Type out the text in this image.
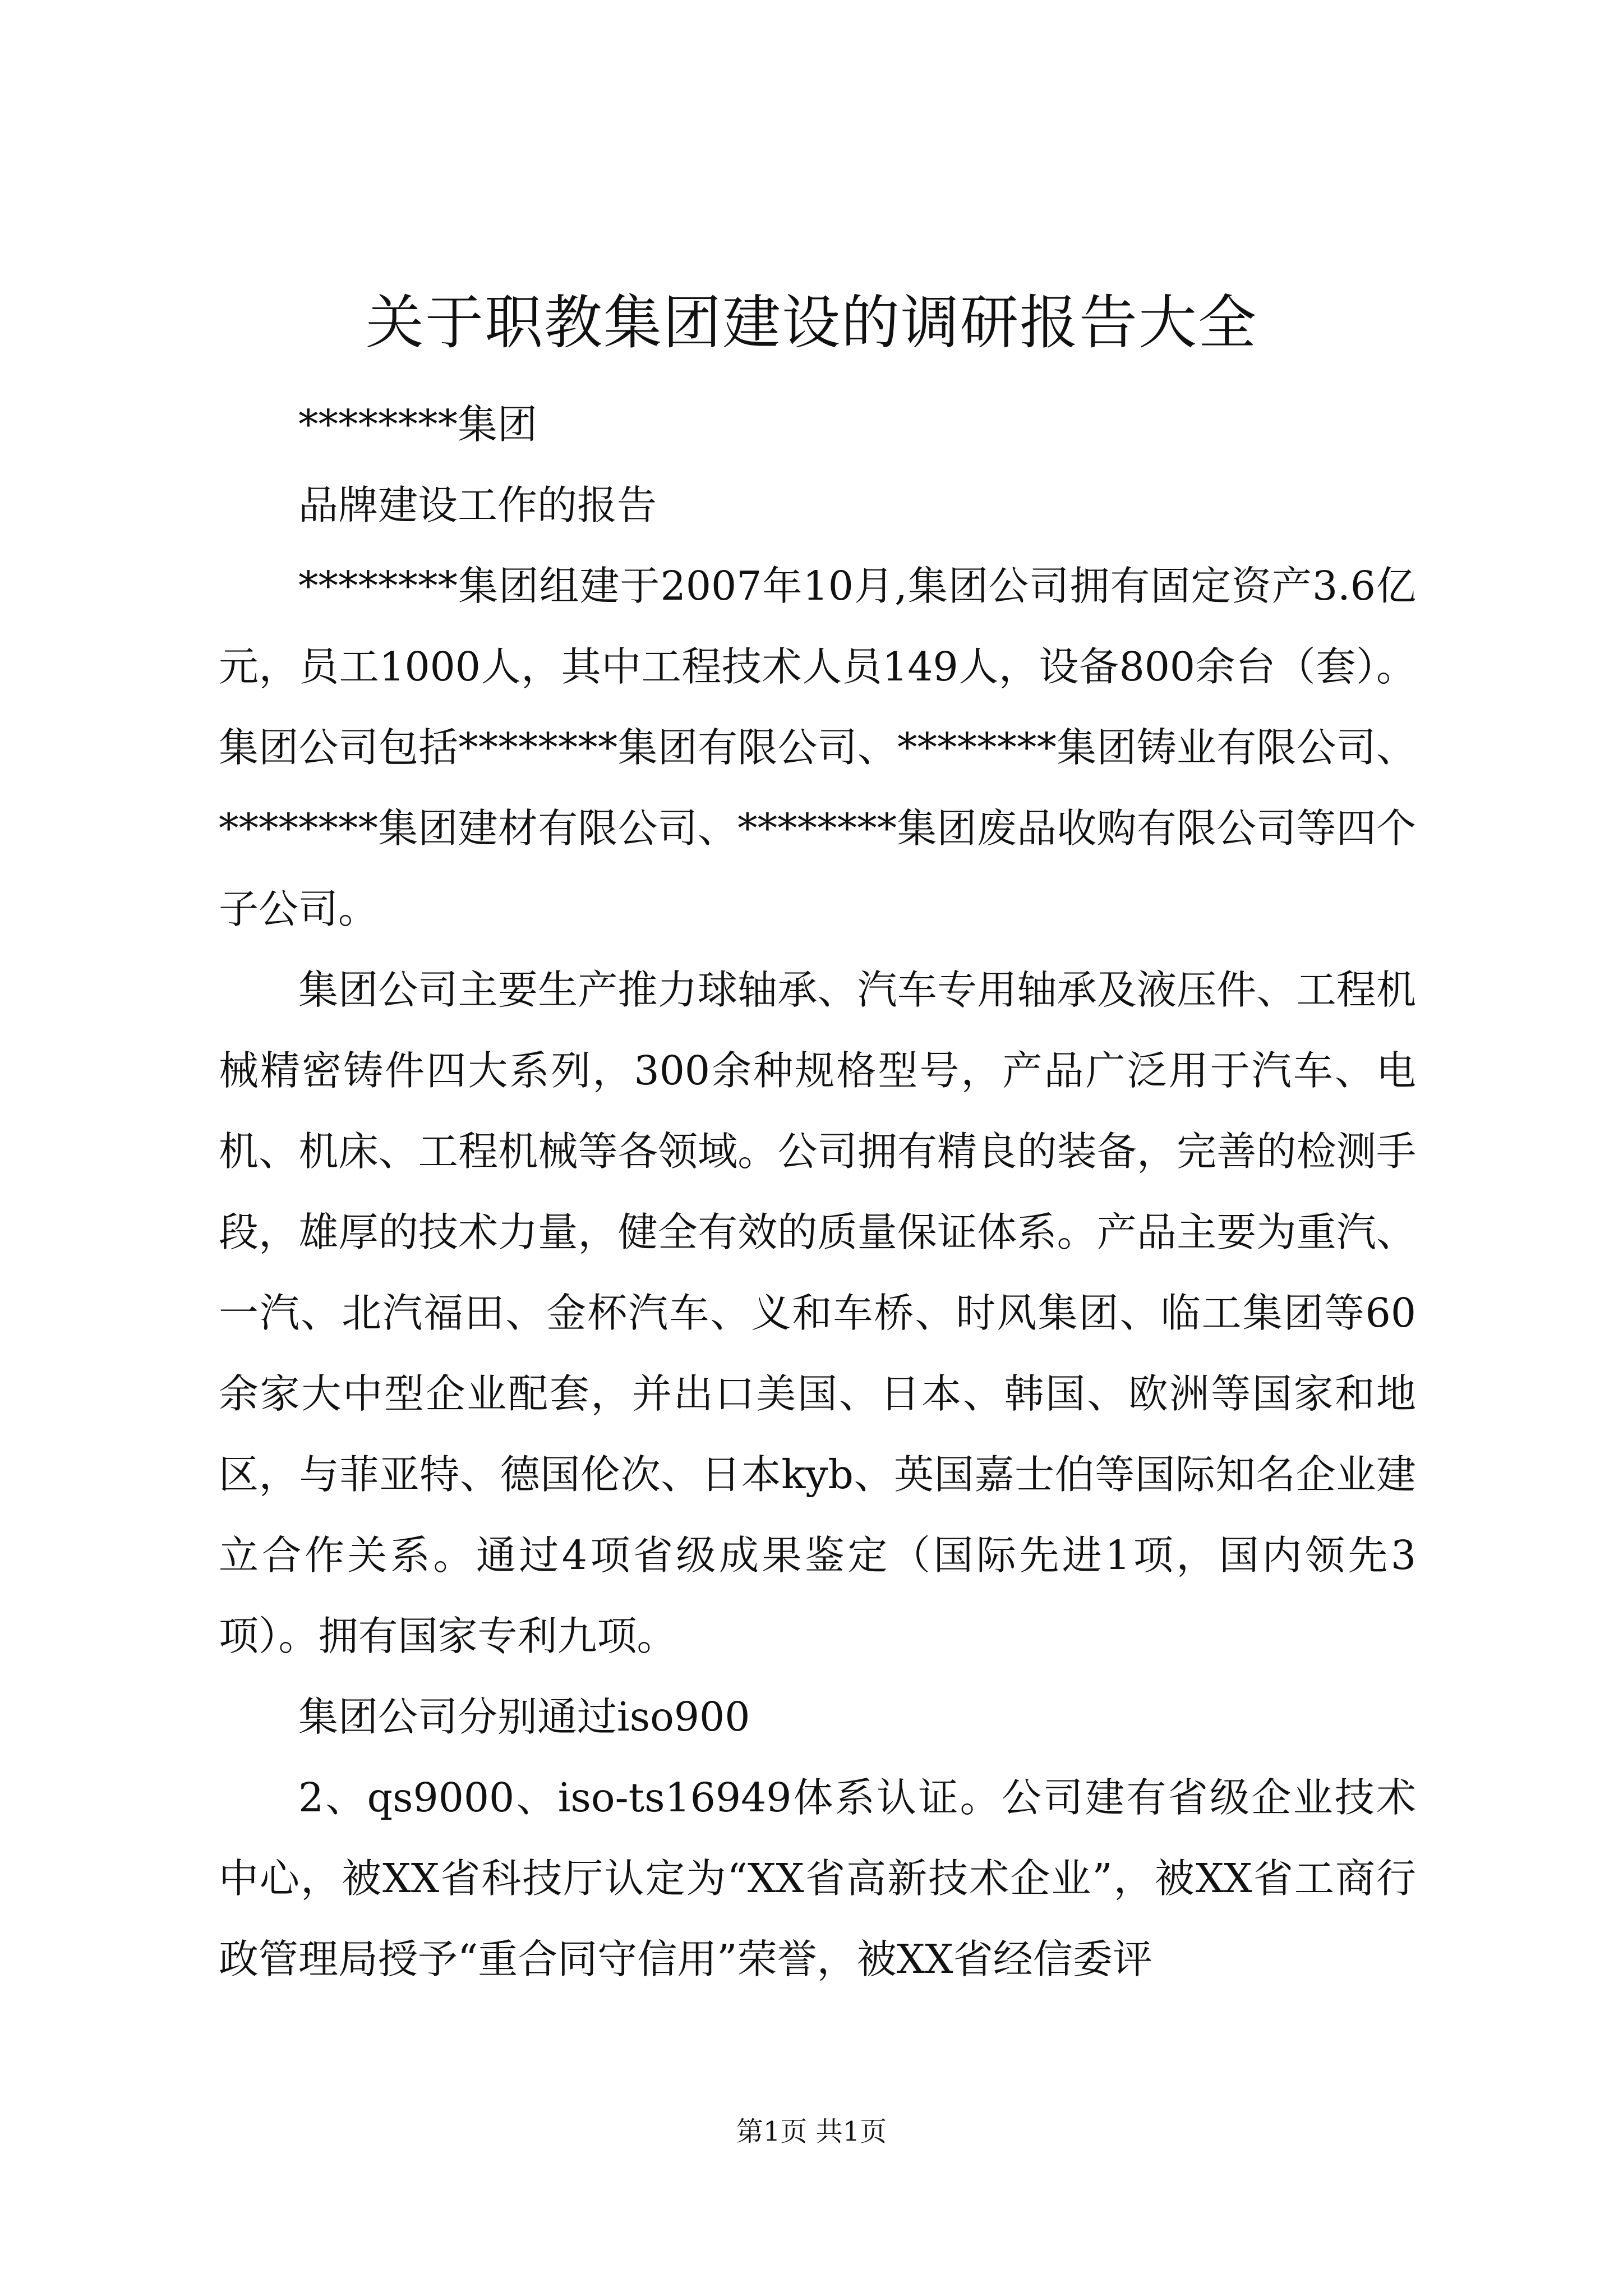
关于职教集团建设的调研报告大全

********集团

品牌建设工作的报告

********集团组建于2007年10月,集团公司拥有固定资产3.6亿元，员工1000人，其中工程技术人员149人，设备800余台（套）。集团公司包括********集团有限公司、********集团铸业有限公司、********集团建材有限公司、********集团废品收购有限公司等四个子公司。

集团公司主要生产推力球轴承、汽车专用轴承及液压件、工程机械精密铸件四大系列，300余种规格型号，产品广泛用于汽车、电机、机床、工程机械等各领域。公司拥有精良的装备，完善的检测手段，雄厚的技术力量，健全有效的质量保证体系。产品主要为重汽、一汽、北汽福田、金杯汽车、义和车桥、时风集团、临工集团等60余家大中型企业配套，并出口美国、日本、韩国、欧洲等国家和地区，与菲亚特、德国伦次、日本kyb、英国嘉士伯等国际知名企业建立合作关系。通过4项省级成果鉴定（国际先进1项，国内领先3项）。拥有国家专利九项。

集团公司分别通过iso900

2、qs9000、iso-ts16949体系认证。公司建有省级企业技术中心，被XX省科技厅认定为“XX省高新技术企业”，被XX省工商行政管理局授予“重合同守信用”荣誉，被XX省经信委评

第1页 共1页
